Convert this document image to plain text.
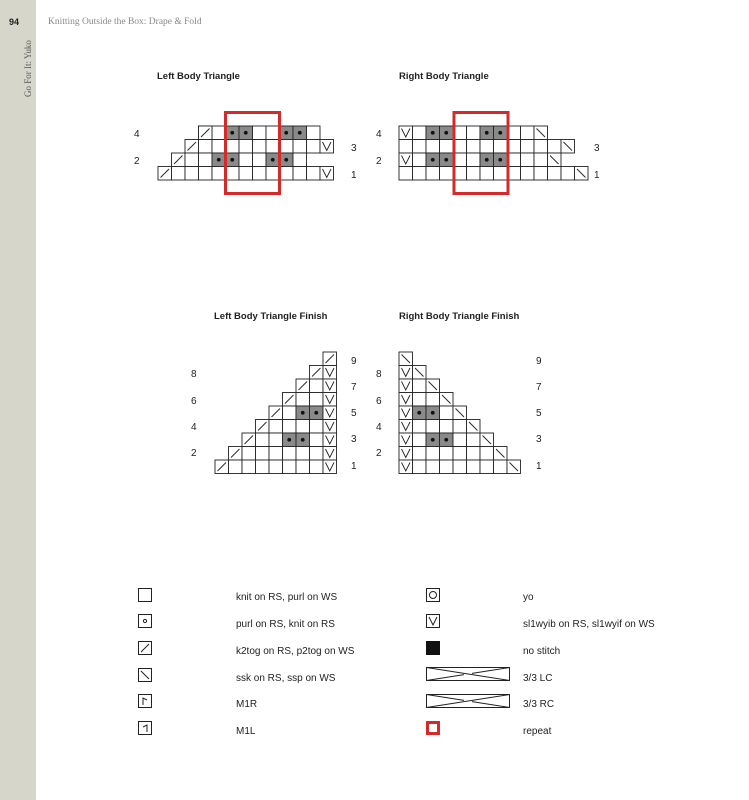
94
Go For It: Yuko
Knitting Outside the Box: Drape & Fold
Left Body Triangle
4
2
3
1
Right Body Triangle
4
2
3
1
Left Body Triangle Finish
8
6
4
2
9
7
5
3
1
Right Body Triangle Finish
8
6
4
2
9
7
5
3
1
knit on RS, purl on WS
purl on RS, knit on RS
k2tog on RS, p2tog on WS
ssk on RS, ssp on WS
M1R
M1L
yo
sl1wyib on RS, sl1wyif on WS
no stitch
3/3 LC
3/3 RC
repeat
PassionForum.ru
